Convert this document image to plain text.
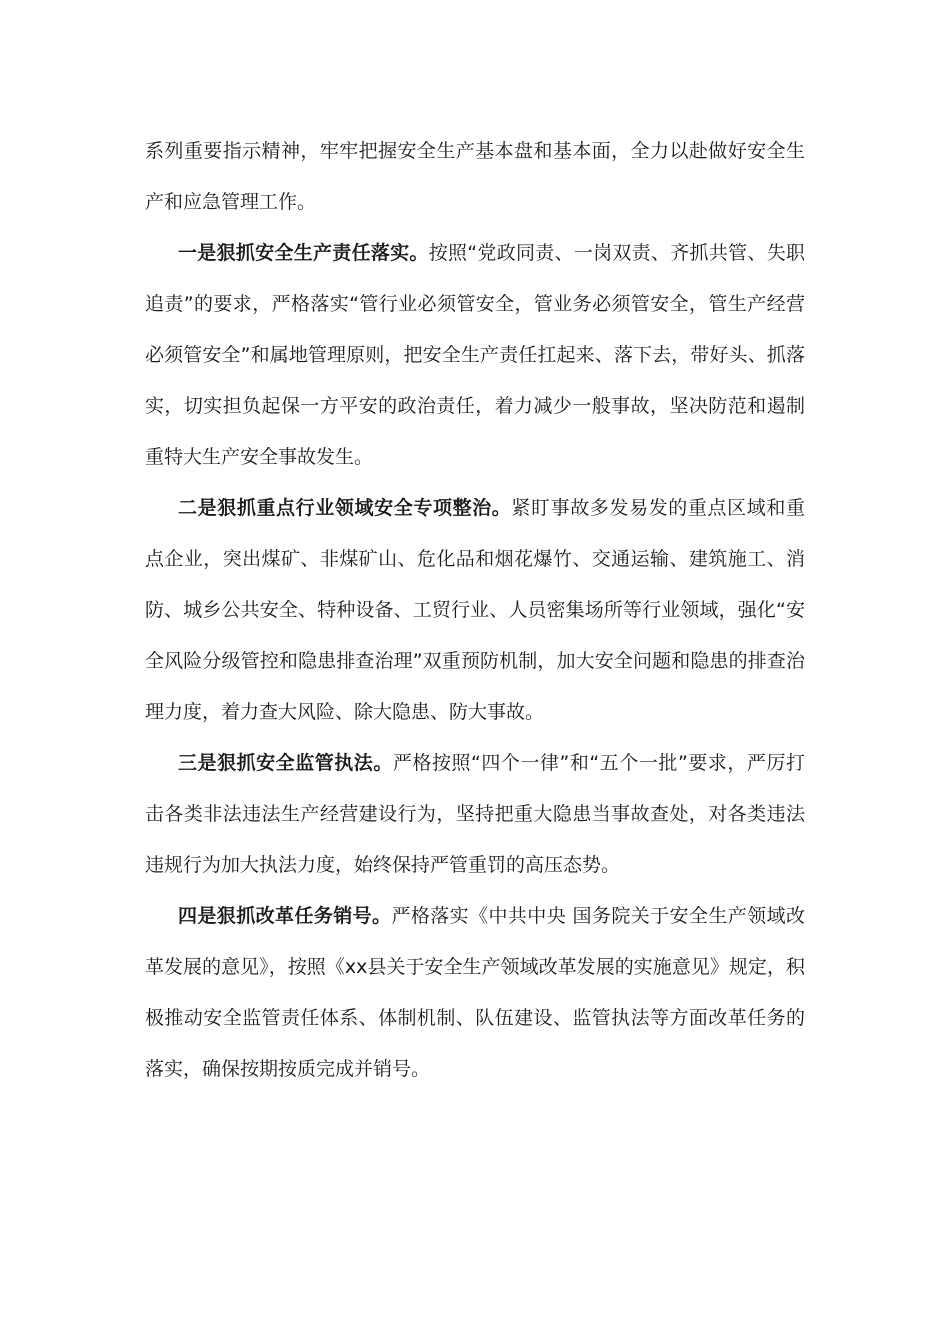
系列重要指示精神，牢牢把握安全生产基本盘和基本面，全力以赴做好安全生产和应急管理工作。

一是狠抓安全生产责任落实。按照“党政同责、一岗双责、齐抓共管、失职追责”的要求，严格落实“管行业必须管安全，管业务必须管安全，管生产经营必须管安全”和属地管理原则，把安全生产责任扛起来、落下去，带好头、抓落实，切实担负起保一方平安的政治责任，着力减少一般事故，坚决防范和遏制重特大生产安全事故发生。

二是狠抓重点行业领域安全专项整治。紧盯事故多发易发的重点区域和重点企业，突出煤矿、非煤矿山、危化品和烟花爆竹、交通运输、建筑施工、消防、城乡公共安全、特种设备、工贸行业、人员密集场所等行业领域，强化“安全风险分级管控和隐患排查治理”双重预防机制，加大安全问题和隐患的排查治理力度，着力查大风险、除大隐患、防大事故。

三是狠抓安全监管执法。严格按照“四个一律”和“五个一批”要求，严厉打击各类非法违法生产经营建设行为，坚持把重大隐患当事故查处，对各类违法违规行为加大执法力度，始终保持严管重罚的高压态势。

四是狠抓改革任务销号。严格落实《中共中央 国务院关于安全生产领域改革发展的意见》，按照《xx县关于安全生产领域改革发展的实施意见》规定，积极推动安全监管责任体系、体制机制、队伍建设、监管执法等方面改革任务的落实，确保按期按质完成并销号。
